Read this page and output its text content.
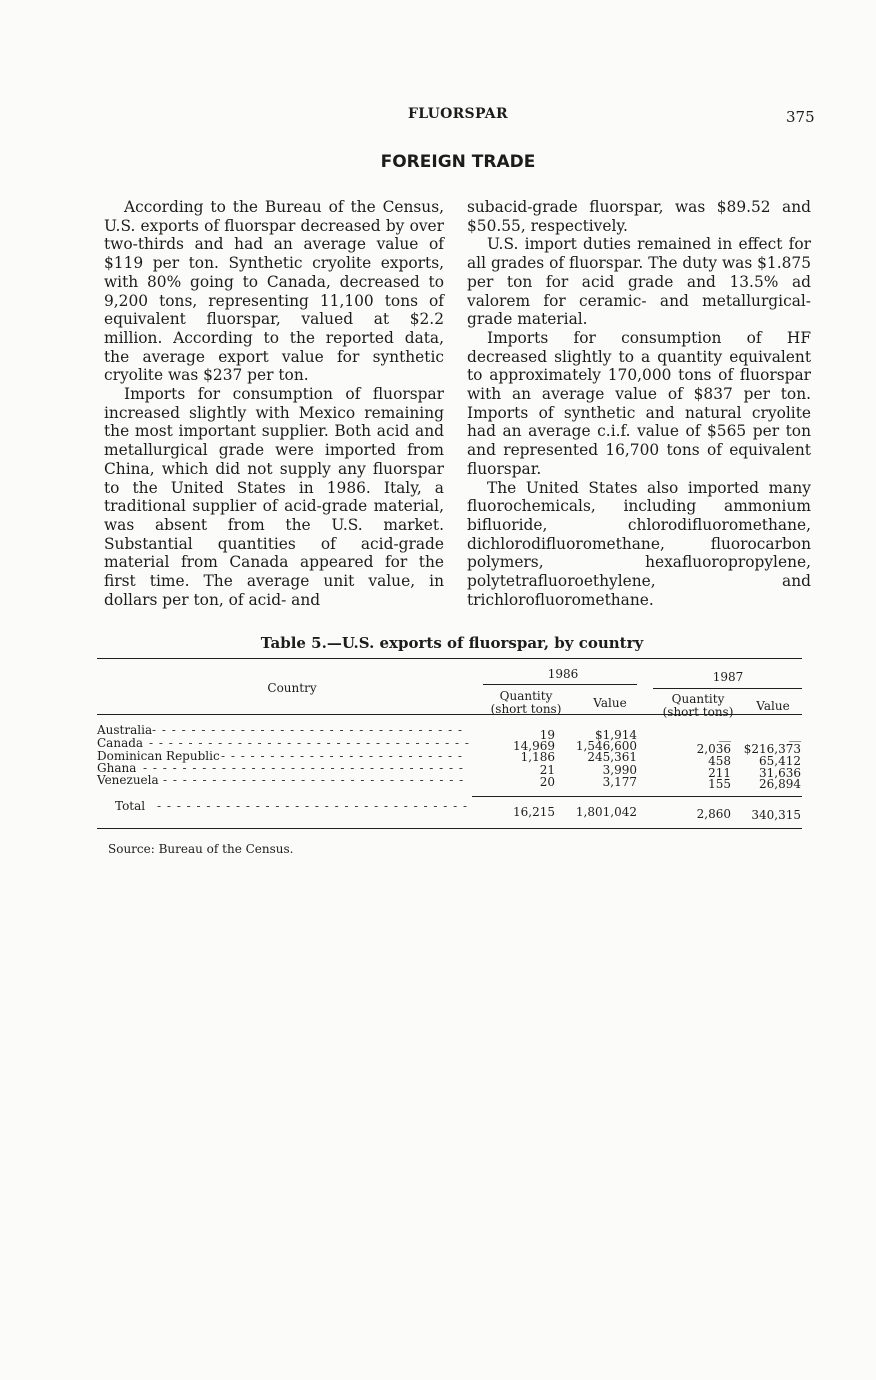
FLUORSPAR	375
FOREIGN TRADE

According to the Bureau of the Census, U.S. exports of fluorspar decreased by over two-thirds and had an average value of $119 per ton. Synthetic cryolite exports, with 80% going to Canada, decreased to 9,200 tons, representing 11,100 tons of equivalent fluorspar, valued at $2.2 million. According to the reported data, the average export value for synthetic cryolite was $237 per ton.

Imports for consumption of fluorspar increased slightly with Mexico remaining the most important supplier. Both acid and metallurgical grade were imported from China, which did not supply any fluorspar to the United States in 1986. Italy, a traditional supplier of acid-grade material, was absent from the U.S. market. Substantial quantities of acid-grade material from Canada appeared for the first time. The average unit value, in dollars per ton, of acid- and

subacid-grade fluorspar, was $89.52 and $50.55, respectively.

U.S. import duties remained in effect for all grades of fluorspar. The duty was $1.875 per ton for acid grade and 13.5% ad valorem for ceramic- and metallurgical-grade material.

Imports for consumption of HF decreased slightly to a quantity equivalent to approximately 170,000 tons of fluorspar with an average value of $837 per ton. Imports of synthetic and natural cryolite had an average c.i.f. value of $565 per ton and represented 16,700 tons of equivalent fluorspar.

The United States also imported many fluorochemicals, including ammonium bifluoride, chlorodifluoromethane, dichlorodifluoromethane, fluorocarbon polymers, hexafluoropropylene, polytetrafluoroethylene, and trichlorofluoromethane.

Table 5.—U.S. exports of fluorspar, by country
Country
1986	1987
Quantity
(short tons)	Value	Quantity
(short tons)	Value
Australia - - - - - - - - - - - - - - - - - - - - - - - - - - - - - - - -	19	$1,914	__	__
Canada - - - - - - - - - - - - - - - - - - - - - - - - - - - - - - - - -	14,969	1,546,600	2,036	$216,373
Dominican Republic - - - - - - - - - - - - - - - - - - - - - - - - -	1,186	245,361	458	65,412
Ghana - - - - - - - - - - - - - - - - - - - - - - - - - - - - - - - - -	21	3,990	211	31,636
Venezuela - - - - - - - - - - - - - - - - - - - - - - - - - - - - - - -	20	3,177	155	26,894
Total - - - - - - - - - - - - - - - - - - - - - - - - - - - - - - - -	16,215	1,801,042	2,860	340,315
Source: Bureau of the Census.
